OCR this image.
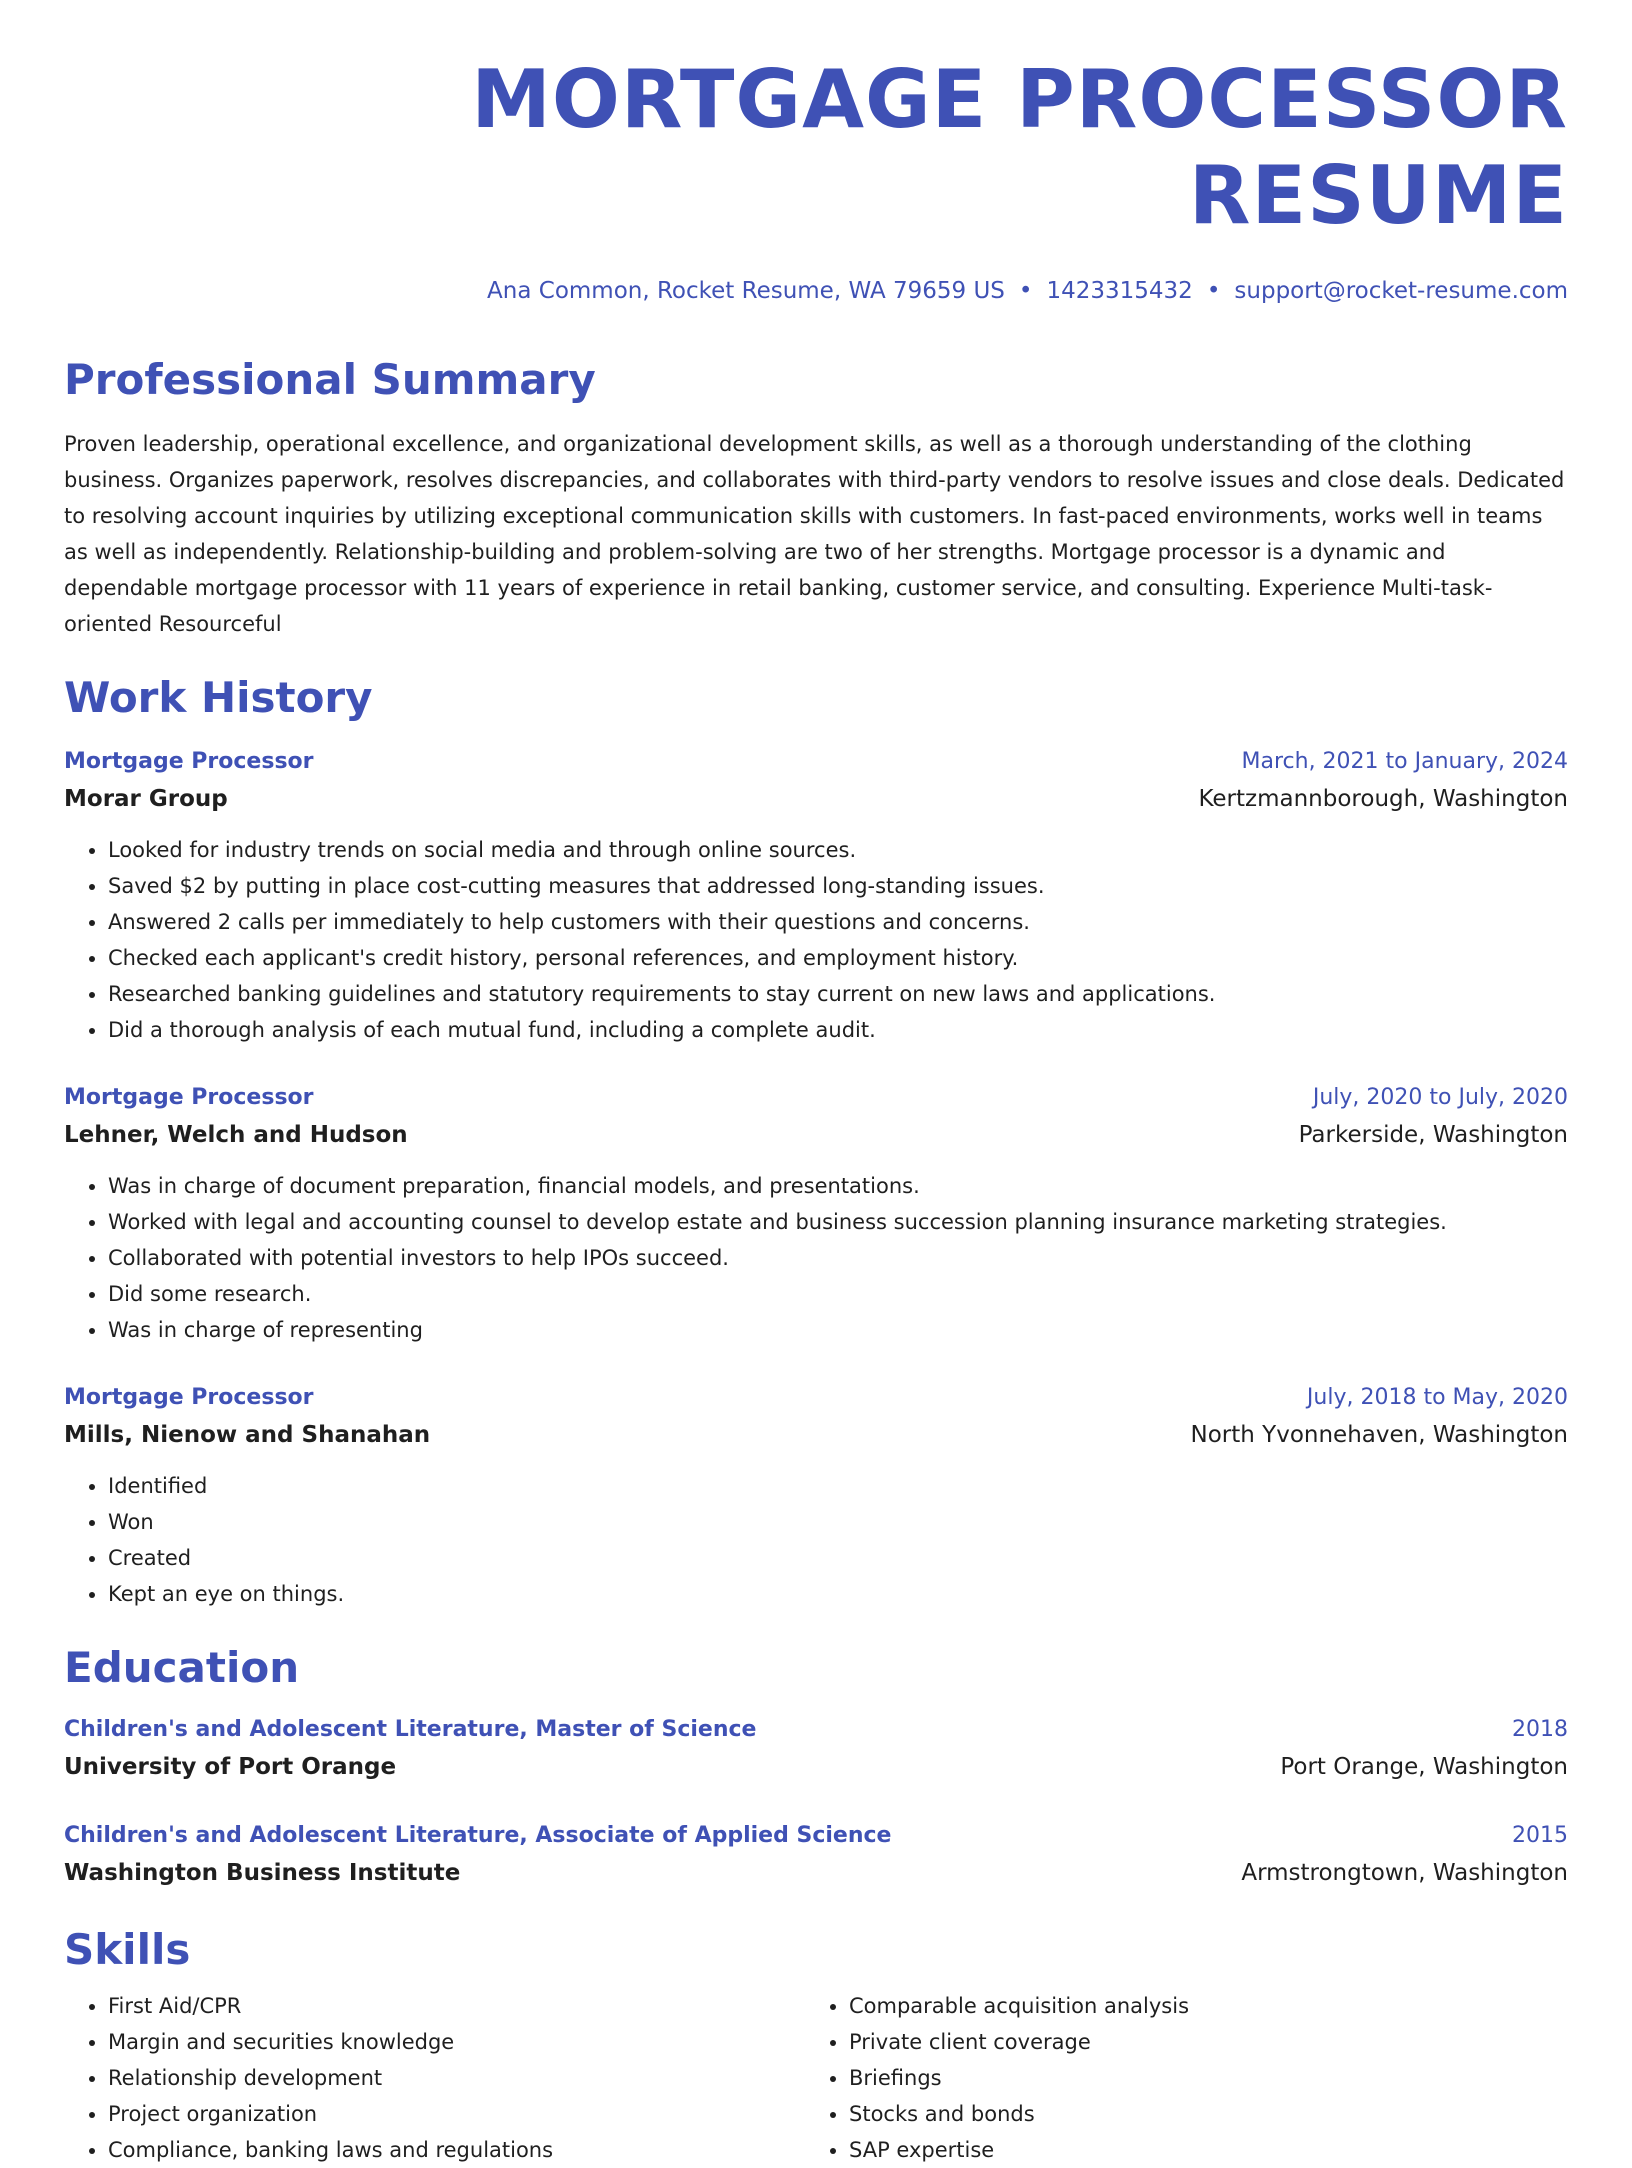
MORTGAGE PROCESSOR RESUME
Ana Common, Rocket Resume, WA 79659 US • 1423315432 • support@rocket-resume.com
Professional Summary
Proven leadership, operational excellence, and organizational development skills, as well as a thorough understanding of the clothing business. Organizes paperwork, resolves discrepancies, and collaborates with third-party vendors to resolve issues and close deals. Dedicated to resolving account inquiries by utilizing exceptional communication skills with customers. In fast-paced environments, works well in teams as well as independently. Relationship-building and problem-solving are two of her strengths. Mortgage processor is a dynamic and dependable mortgage processor with 11 years of experience in retail banking, customer service, and consulting. Experience Multi-task-oriented Resourceful
Work History
Mortgage Processor	March, 2021 to January, 2024
Morar Group	Kertzmannborough, Washington
• Looked for industry trends on social media and through online sources.
• Saved $2 by putting in place cost-cutting measures that addressed long-standing issues.
• Answered 2 calls per immediately to help customers with their questions and concerns.
• Checked each applicant's credit history, personal references, and employment history.
• Researched banking guidelines and statutory requirements to stay current on new laws and applications.
• Did a thorough analysis of each mutual fund, including a complete audit.
Mortgage Processor	July, 2020 to July, 2020
Lehner, Welch and Hudson	Parkerside, Washington
• Was in charge of document preparation, financial models, and presentations.
• Worked with legal and accounting counsel to develop estate and business succession planning insurance marketing strategies.
• Collaborated with potential investors to help IPOs succeed.
• Did some research.
• Was in charge of representing
Mortgage Processor	July, 2018 to May, 2020
Mills, Nienow and Shanahan	North Yvonnehaven, Washington
• Identified
• Won
• Created
• Kept an eye on things.
Education
Children's and Adolescent Literature, Master of Science	2018
University of Port Orange	Port Orange, Washington
Children's and Adolescent Literature, Associate of Applied Science	2015
Washington Business Institute	Armstrongtown, Washington
Skills
• First Aid/CPR
• Margin and securities knowledge
• Relationship development
• Project organization
• Compliance, banking laws and regulations
• Comparable acquisition analysis
• Private client coverage
• Briefings
• Stocks and bonds
• SAP expertise
